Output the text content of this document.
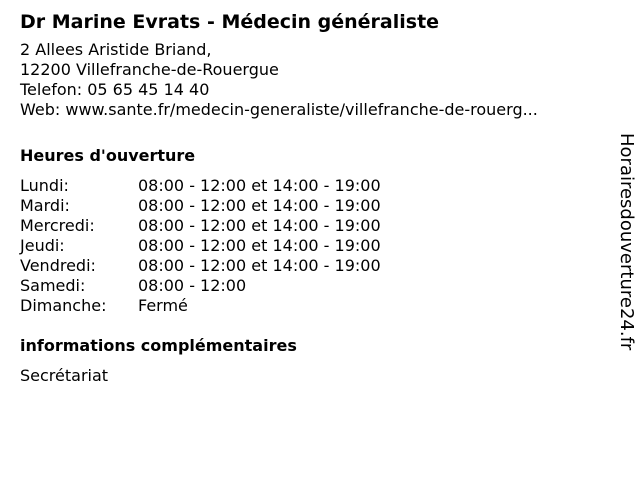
Dr Marine Evrats - Médecin généraliste
2 Allees Aristide Briand,
12200 Villefranche-de-Rouergue
Telefon: 05 65 45 14 40
Web: www.sante.fr/medecin-generaliste/villefranche-de-rouerg...
Heures d'ouverture
Lundi:	08:00 - 12:00 et 14:00 - 19:00
Mardi:	08:00 - 12:00 et 14:00 - 19:00
Mercredi:	08:00 - 12:00 et 14:00 - 19:00
Jeudi:	08:00 - 12:00 et 14:00 - 19:00
Vendredi:	08:00 - 12:00 et 14:00 - 19:00
Samedi:	08:00 - 12:00
Dimanche:	Fermé
informations complémentaires
Secrétariat
Horairesdouverture24.fr
